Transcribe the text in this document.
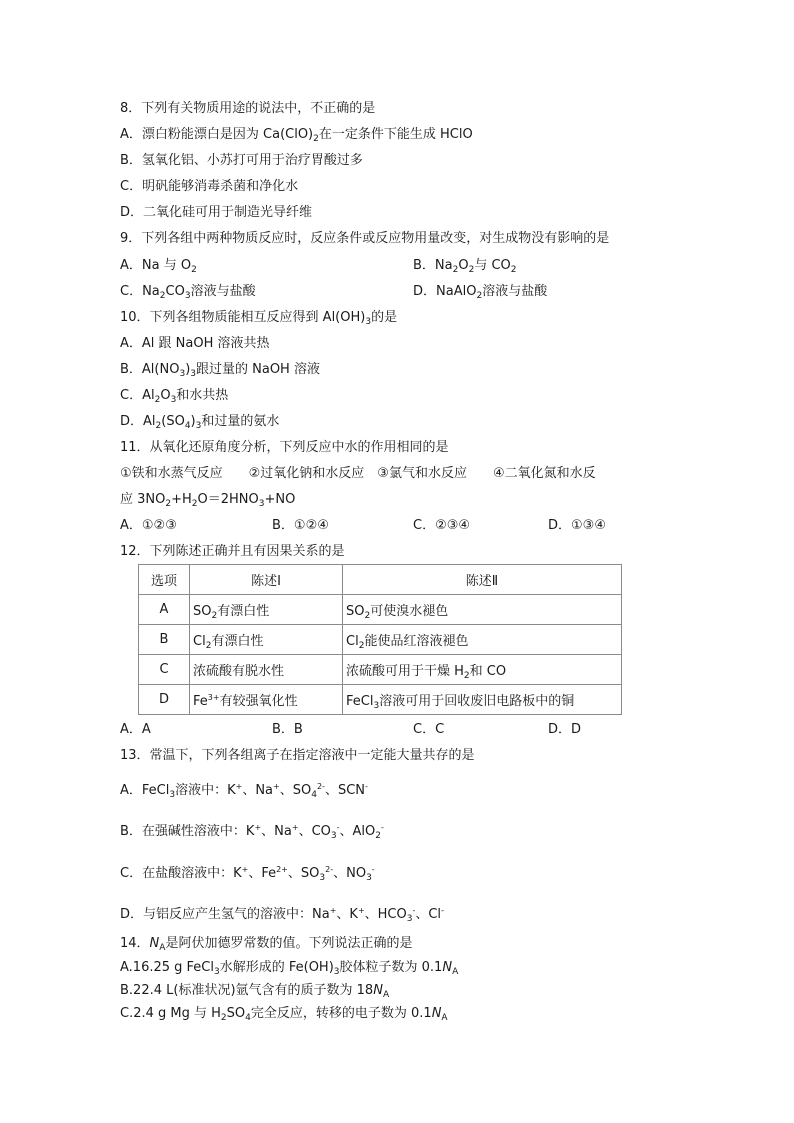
8．下列有关物质用途的说法中，不正确的是
A．漂白粉能漂白是因为 $Ca(ClO)_2$在一定条件下能生成 HClO
B．氢氧化铝、小苏打可用于治疗胃酸过多
C．明矾能够消毒杀菌和净化水
D．二氧化硅可用于制造光导纤维
9．下列各组中两种物质反应时，反应条件或反应物用量改变，对生成物没有影响的是
A．Na 与 $O_2$	B．$Na_2O_2$与 $CO_2$
C．$Na_2CO_3$溶液与盐酸	D．NaAlO$_2$溶液与盐酸
10．下列各组物质能相互反应得到 $Al(OH)_3$的是
A．Al 跟 NaOH 溶液共热
B．$Al(NO_3)_3$跟过量的 NaOH 溶液
C．$Al_2O_3$和水共热
D．$Al_2(SO_4)_3$和过量的氨水
11．从氧化还原角度分析，下列反应中水的作用相同的是
①铁和水蒸气反应　　②过氧化钠和水反应　③氯气和水反应　　④二氧化氮和水反
应 $3NO_2+H_2O=2HNO_3+NO$
A．①②③	B．①②④	C．②③④	D．①③④
12．下列陈述正确并且有因果关系的是
选项	陈述Ⅰ	陈述Ⅱ
A	$SO_2$有漂白性	$SO_2$可使溴水褪色
B	$Cl_2$有漂白性	$Cl_2$能使品红溶液褪色
C	浓硫酸有脱水性	浓硫酸可用于干燥 $H_2$和 CO
D	$Fe^{3+}$有较强氧化性	FeCl$_3$溶液可用于回收废旧电路板中的铜
A．A	B．B	C．C	D．D
13．常温下，下列各组离子在指定溶液中一定能大量共存的是
A．FeCl$_3$溶液中：K+、Na+、$SO_4^{2-}$、SCN-
B．在强碱性溶液中：K+、Na+、$CO_3^-$、AlO$_2$-
C．在盐酸溶液中：K+、$Fe^{2+}$、$SO_3^{2-}$、$NO_3^-$
D．与铝反应产生氢气的溶液中：Na+、K+、$HCO_3^-$、Cl-
14．$N_A$是阿伏加德罗常数的值。下列说法正确的是
A.16.25 g FeCl$_3$水解形成的 $Fe(OH)_3$胶体粒子数为 $0.1N_A$
B.22.4 L(标准状况)氩气含有的质子数为 $18N_A$
C.2.4 g Mg 与 $H_2SO_4$完全反应，转移的电子数为 $0.1N_A$
